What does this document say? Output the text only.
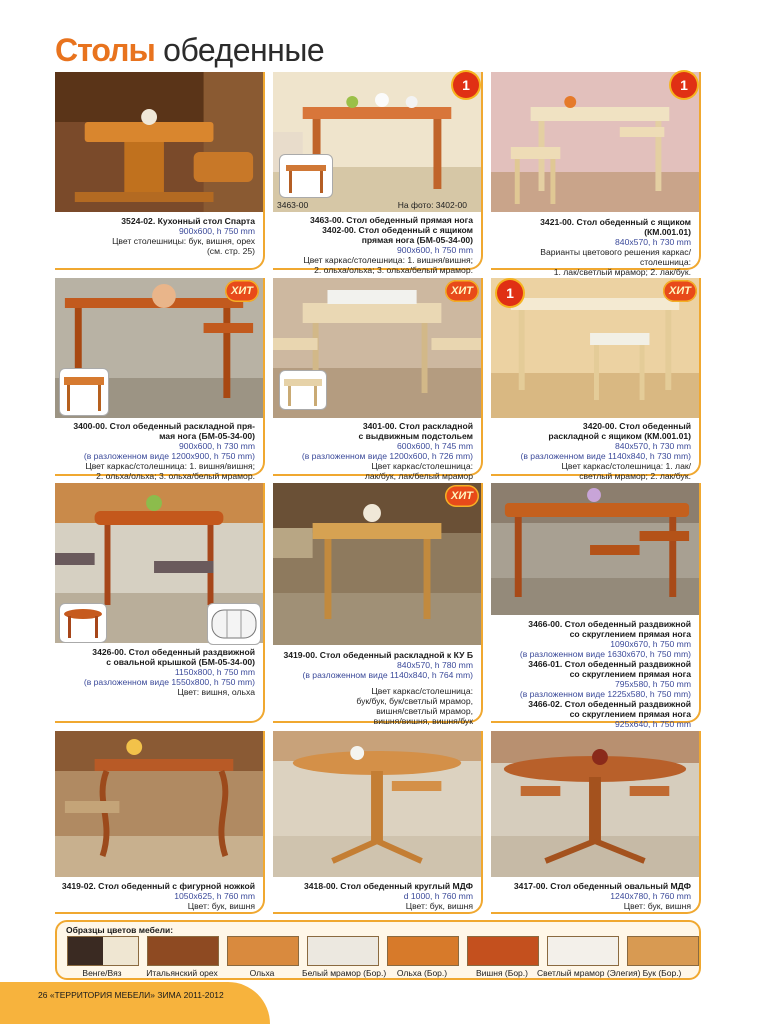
Столы обеденные
3524-02. Кухонный стол Спарта
900x600, h 750 mm
Цвет столешницы: бук, вишня, орех
(см. стр. 25)
3463-00	На фото: 3402-00
1
3463-00. Стол обеденный прямая нога
3402-00. Стол обеденный с ящиком
прямая нога (БМ-05-34-00)
900x600, h 750 mm
Цвет каркас/столешница: 1. вишня/вишня;
2. ольха/ольха; 3. ольха/белый мрамор.
1
3421-00. Стол обеденный с ящиком (КМ.001.01)
840x570, h 730 mm
Варианты цветового решения каркас/столешница:
1. лак/светлый мрамор; 2. лак/бук.
ХИТ
3400-00. Стол обеденный раскладной пря-
мая нога (БМ-05-34-00)
900x600, h 730 mm
(в разложенном виде 1200x900, h 750 mm)
Цвет каркас/столешница: 1. вишня/вишня;
2. ольха/ольха; 3. ольха/белый мрамор.
ХИТ
3401-00. Стол раскладной
с выдвижным подстольем
600x600, h 745 mm
(в разложенном виде 1200x600, h 726 mm)
Цвет каркас/столешница:
лак/бук, лак/белый мрамор
1	ХИТ
3420-00. Стол обеденный
раскладной с ящиком (КМ.001.01)
840x570, h 730 mm
(в разложенном виде 1140x840, h 730 mm)
Цвет каркас/столешница: 1. лак/
светлый мрамор; 2. лак/бук.
3426-00. Стол обеденный раздвижной
с овальной крышкой (БМ-05-34-00)
1150x800, h 750 mm
(в разложенном виде 1550x800, h 750 mm)
Цвет: вишня, ольха
ХИТ
3419-00. Стол обеденный раскладной к КУ Б
840x570, h 780 mm
(в разложенном виде 1140x840, h 764 mm)
Цвет каркас/столешница:
бук/бук, бук/светлый мрамор,
вишня/светлый мрамор,
вишня/вишня, вишня/бук
3466-00. Стол обеденный раздвижной
со скруглением прямая нога
1090x670, h 750 mm
(в разложенном виде 1630x670, h 750 mm)
3466-01. Стол обеденный раздвижной
со скруглением прямая нога
795x580, h 750 mm
(в разложенном виде 1225x580, h 750 mm)
3466-02. Стол обеденный раздвижной
со скруглением прямая нога
925x640, h 750 mm
3419-02. Стол обеденный с фигурной ножкой
1050x625, h 760 mm
Цвет: бук, вишня
3418-00. Стол обеденный круглый МДФ
d 1000, h 760 mm
Цвет: бук, вишня
3417-00. Стол обеденный овальный МДФ
1240x780, h 760 mm
Цвет: бук, вишня
Образцы цветов мебели:
Венге/Вяз	Итальянский орех	Ольха	Белый мрамор (Бор.)	Ольха (Бор.)	Вишня (Бор.)	Светлый мрамор (Элегия) Бук (Бор.)
26 «ТЕРРИТОРИЯ МЕБЕЛИ» ЗИМА 2011-2012
